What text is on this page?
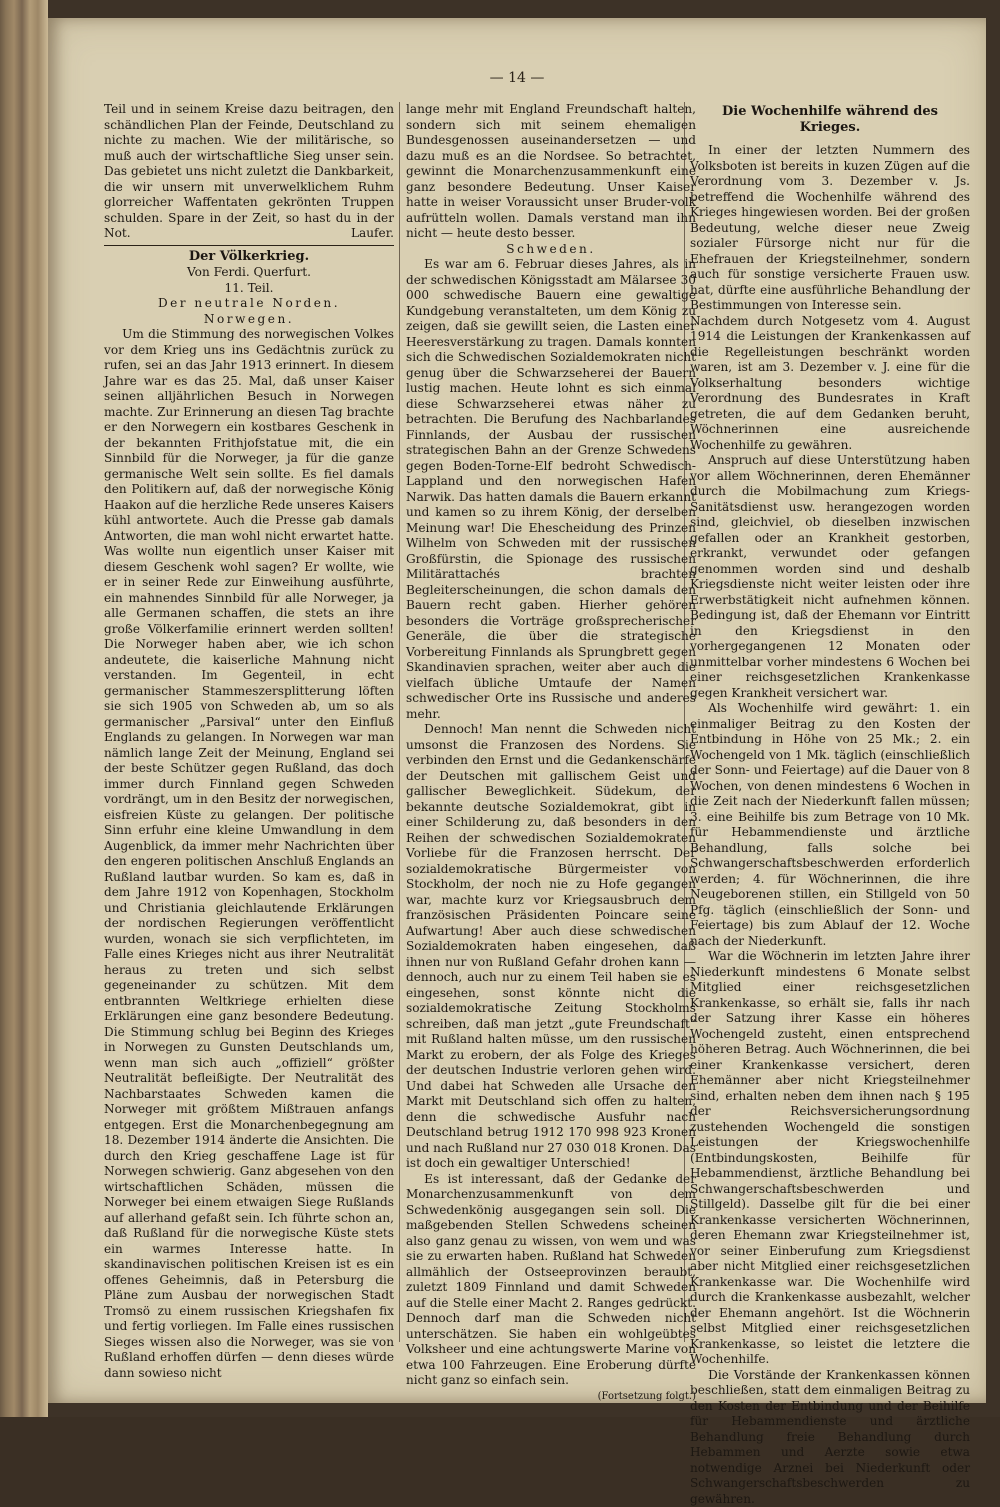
— 14 —

Teil und in seinem Kreise dazu beitragen, den schändlichen Plan der Feinde, Deutschland zu nichte zu machen. Wie der militärische, so muß auch der wirtschaftliche Sieg unser sein. Das gebietet uns nicht zuletzt die Dankbarkeit, die wir unsern mit unverwelklichem Ruhm glorreicher Waffentaten gekrönten Truppen schulden. Spare in der Zeit, so hast du in der Not.	Laufer.

Der Völkerkrieg.

Von Ferdi. Querfurt.

11. Teil.

Der neutrale Norden.

Norwegen.

Um die Stimmung des norwegischen Volkes vor dem Krieg uns ins Gedächtnis zurück zu rufen, sei an das Jahr 1913 erinnert. In diesem Jahre war es das 25. Mal, daß unser Kaiser seinen alljährlichen Besuch in Norwegen machte. Zur Erinnerung an diesen Tag brachte er den Norwegern ein kostbares Geschenk in der bekannten Frithjofstatue mit, die ein Sinnbild für die Norweger, ja für die ganze germanische Welt sein sollte. Es fiel damals den Politikern auf, daß der norwegische König Haakon auf die herzliche Rede unseres Kaisers kühl antwortete. Auch die Presse gab damals Antworten, die man wohl nicht erwartet hatte. Was wollte nun eigentlich unser Kaiser mit diesem Geschenk wohl sagen? Er wollte, wie er in seiner Rede zur Einweihung ausführte, ein mahnendes Sinnbild für alle Norweger, ja alle Germanen schaffen, die stets an ihre große Völkerfamilie erinnert werden sollten! Die Norweger haben aber, wie ich schon andeutete, die kaiserliche Mahnung nicht verstanden. Im Gegenteil, in echt germanischer Stammeszersplitterung löften sie sich 1905 von Schweden ab, um so als germanischer „Parsival“ unter den Einfluß Englands zu gelangen. In Norwegen war man nämlich lange Zeit der Meinung, England sei der beste Schützer gegen Rußland, das doch immer durch Finnland gegen Schweden vordrängt, um in den Besitz der norwegischen, eisfreien Küste zu gelangen. Der politische Sinn erfuhr eine kleine Umwandlung in dem Augenblick, da immer mehr Nachrichten über den engeren politischen Anschluß Englands an Rußland lautbar wurden. So kam es, daß in dem Jahre 1912 von Kopenhagen, Stockholm und Christiania gleichlautende Erklärungen der nordischen Regierungen veröffentlicht wurden, wonach sie sich verpflichteten, im Falle eines Krieges nicht aus ihrer Neutralität heraus zu treten und sich selbst gegeneinander zu schützen. Mit dem entbrannten Weltkriege erhielten diese Erklärungen eine ganz besondere Bedeutung. Die Stimmung schlug bei Beginn des Krieges in Norwegen zu Gunsten Deutschlands um, wenn man sich auch „offiziell“ größter Neutralität befleißigte. Der Neutralität des Nachbarstaates Schweden kamen die Norweger mit größtem Mißtrauen anfangs entgegen. Erst die Monarchenbegegnung am 18. Dezember 1914 änderte die Ansichten. Die durch den Krieg geschaffene Lage ist für Norwegen schwierig. Ganz abgesehen von den wirtschaftlichen Schäden, müssen die Norweger bei einem etwaigen Siege Rußlands auf allerhand gefaßt sein. Ich führte schon an, daß Rußland für die norwegische Küste stets ein warmes Interesse hatte. In skandinavischen politischen Kreisen ist es ein offenes Geheimnis, daß in Petersburg die Pläne zum Ausbau der norwegischen Stadt Tromsö zu einem russischen Kriegshafen fix und fertig vorliegen. Im Falle eines russischen Sieges wissen also die Norweger, was sie von Rußland erhoffen dürfen — denn dieses würde dann sowieso nicht

lange mehr mit England Freundschaft halten, sondern sich mit seinem ehemaligen Bundesgenossen auseinandersetzen — und dazu muß es an die Nordsee. So betrachtet, gewinnt die Monarchenzusammenkunft eine ganz besondere Bedeutung. Unser Kaiser hatte in weiser Voraussicht unser Bruder-volk aufrütteln wollen. Damals verstand man ihn nicht — heute desto besser.

Schweden.

Es war am 6. Februar dieses Jahres, als in der schwedischen Königsstadt am Mälarsee 30 000 schwedische Bauern eine gewaltige Kundgebung veranstalteten, um dem König zu zeigen, daß sie gewillt seien, die Lasten einer Heeresverstärkung zu tragen. Damals konnten sich die Schwedischen Sozialdemokraten nicht genug über die Schwarzseherei der Bauern lustig machen. Heute lohnt es sich einmal diese Schwarzseherei etwas näher zu betrachten. Die Berufung des Nachbarlandes Finnlands, der Ausbau der russischen strategischen Bahn an der Grenze Schwedens gegen Boden-Torne-Elf bedroht Schwedisch-Lappland und den norwegischen Hafen Narwik. Das hatten damals die Bauern erkannt und kamen so zu ihrem König, der derselben Meinung war! Die Ehescheidung des Prinzen Wilhelm von Schweden mit der russischen Großfürstin, die Spionage des russischen Militärattachés brachten Begleiterscheinungen, die schon damals den Bauern recht gaben. Hierher gehören besonders die Vorträge großsprecherischer Generäle, die über die strategische Vorbereitung Finnlands als Sprungbrett gegen Skandinavien sprachen, weiter aber auch die vielfach übliche Umtaufe der Namen schwedischer Orte ins Russische und anderes mehr.

Dennoch! Man nennt die Schweden nicht umsonst die Franzosen des Nordens. Sie verbinden den Ernst und die Gedankenschärfe der Deutschen mit gallischem Geist und gallischer Beweglichkeit. Südekum, der bekannte deutsche Sozialdemokrat, gibt in einer Schilderung zu, daß besonders in den Reihen der schwedischen Sozialdemokraten Vorliebe für die Franzosen herrscht. Der sozialdemokratische Bürgermeister von Stockholm, der noch nie zu Hofe gegangen war, machte kurz vor Kriegsausbruch dem französischen Präsidenten Poincare seine Aufwartung! Aber auch diese schwedischen Sozialdemokraten haben eingesehen, daß ihnen nur von Rußland Gefahr drohen kann — dennoch, auch nur zu einem Teil haben sie es eingesehen, sonst könnte nicht die sozialdemokratische Zeitung Stockholms schreiben, daß man jetzt „gute Freundschaft“ mit Rußland halten müsse, um den russischen Markt zu erobern, der als Folge des Krieges der deutschen Industrie verloren gehen wird. Und dabei hat Schweden alle Ursache den Markt mit Deutschland sich offen zu halten, denn die schwedische Ausfuhr nach Deutschland betrug 1912 170 998 923 Kronen und nach Rußland nur 27 030 018 Kronen. Das ist doch ein gewaltiger Unterschied!

Es ist interessant, daß der Gedanke der Monarchenzusammenkunft von dem Schwedenkönig ausgegangen sein soll. Die maßgebenden Stellen Schwedens scheinen also ganz genau zu wissen, von wem und was sie zu erwarten haben. Rußland hat Schweden allmählich der Ostseeprovinzen beraubt, zuletzt 1809 Finnland und damit Schweden auf die Stelle einer Macht 2. Ranges gedrückt. Dennoch darf man die Schweden nicht unterschätzen. Sie haben ein wohlgeübtes Volksheer und eine achtungswerte Marine von etwa 100 Fahrzeugen. Eine Eroberung dürfte nicht ganz so einfach sein.

(Fortsetzung folgt.)

Die Wochenhilfe während des Krieges.

In einer der letzten Nummern des Volksboten ist bereits in kuzen Zügen auf die Verordnung vom 3. Dezember v. Js. betreffend die Wochenhilfe während des Krieges hingewiesen worden. Bei der großen Bedeutung, welche dieser neue Zweig sozialer Fürsorge nicht nur für die Ehefrauen der Kriegsteilnehmer, sondern auch für sonstige versicherte Frauen usw. hat, dürfte eine ausführliche Behandlung der Bestimmungen von Interesse sein.

Nachdem durch Notgesetz vom 4. August 1914 die Leistungen der Krankenkassen auf die Regelleistungen beschränkt worden waren, ist am 3. Dezember v. J. eine für die Volkserhaltung besonders wichtige Verordnung des Bundesrates in Kraft getreten, die auf dem Gedanken beruht, Wöchnerinnen eine ausreichende Wochenhilfe zu gewähren.

Anspruch auf diese Unterstützung haben vor allem Wöchnerinnen, deren Ehemänner durch die Mobilmachung zum Kriegs-Sanitätsdienst usw. herangezogen worden sind, gleichviel, ob dieselben inzwischen gefallen oder an Krankheit gestorben, erkrankt, verwundet oder gefangen genommen worden sind und deshalb Kriegsdienste nicht weiter leisten oder ihre Erwerbstätigkeit nicht aufnehmen können. Bedingung ist, daß der Ehemann vor Eintritt in den Kriegsdienst in den vorhergegangenen 12 Monaten oder unmittelbar vorher mindestens 6 Wochen bei einer reichsgesetzlichen Krankenkasse gegen Krankheit versichert war.

Als Wochenhilfe wird gewährt: 1. ein einmaliger Beitrag zu den Kosten der Entbindung in Höhe von 25 Mk.; 2. ein Wochengeld von 1 Mk. täglich (einschließlich der Sonn- und Feiertage) auf die Dauer von 8 Wochen, von denen mindestens 6 Wochen in die Zeit nach der Niederkunft fallen müssen; 3. eine Beihilfe bis zum Betrage von 10 Mk. für Hebammendienste und ärztliche Behandlung, falls solche bei Schwangerschaftsbeschwerden erforderlich werden; 4. für Wöchnerinnen, die ihre Neugeborenen stillen, ein Stillgeld von 50 Pfg. täglich (einschließlich der Sonn- und Feiertage) bis zum Ablauf der 12. Woche nach der Niederkunft.

War die Wöchnerin im letzten Jahre ihrer Niederkunft mindestens 6 Monate selbst Mitglied einer reichsgesetzlichen Krankenkasse, so erhält sie, falls ihr nach der Satzung ihrer Kasse ein höheres Wochengeld zusteht, einen entsprechend höheren Betrag. Auch Wöchnerinnen, die bei einer Krankenkasse versichert, deren Ehemänner aber nicht Kriegsteilnehmer sind, erhalten neben dem ihnen nach § 195 der Reichsversicherungsordnung zustehenden Wochengeld die sonstigen Leistungen der Kriegswochenhilfe (Entbindungskosten, Beihilfe für Hebammendienst, ärztliche Behandlung bei Schwangerschaftsbeschwerden und Stillgeld). Dasselbe gilt für die bei einer Krankenkasse versicherten Wöchnerinnen, deren Ehemann zwar Kriegsteilnehmer ist, vor seiner Einberufung zum Kriegsdienst aber nicht Mitglied einer reichsgesetzlichen Krankenkasse war. Die Wochenhilfe wird durch die Krankenkasse ausbezahlt, welcher der Ehemann angehört. Ist die Wöchnerin selbst Mitglied einer reichsgesetzlichen Krankenkasse, so leistet die letztere die Wochenhilfe.

Die Vorstände der Krankenkassen können beschließen, statt dem einmaligen Beitrag zu den Kosten der Entbindung und der Beihilfe für Hebammendienste und ärztliche Behandlung freie Behandlung durch Hebammen und Aerzte sowie etwa notwendige Arznei bei Niederkunft oder Schwangerschaftsbeschwerden zu gewähren.
